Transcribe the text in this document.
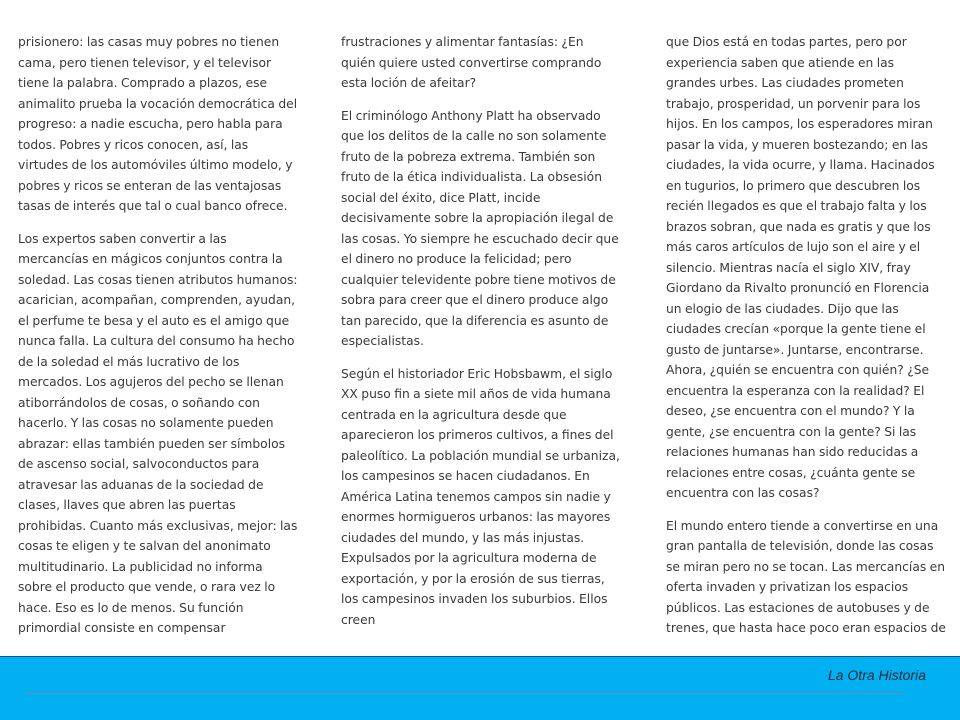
prisionero: las casas muy pobres no tienen cama, pero tienen televisor, y el televisor tiene la palabra. Comprado a plazos, ese animalito prueba la vocación democrática del progreso: a nadie escucha, pero habla para todos. Pobres y ricos conocen, así, las virtudes de los automóviles último modelo, y pobres y ricos se enteran de las ventajosas tasas de interés que tal o cual banco ofrece.

Los expertos saben convertir a las mercancías en mágicos conjuntos contra la soledad. Las cosas tienen atributos humanos: acarician, acompañan, comprenden, ayudan, el perfume te besa y el auto es el amigo que nunca falla. La cultura del consumo ha hecho de la soledad el más lucrativo de los mercados. Los agujeros del pecho se llenan atiborrándolos de cosas, o soñando con hacerlo. Y las cosas no solamente pueden abrazar: ellas también pueden ser símbolos de ascenso social, salvoconductos para atravesar las aduanas de la sociedad de clases, llaves que abren las puertas prohibidas. Cuanto más exclusivas, mejor: las cosas te eligen y te salvan del anonimato multitudinario. La publicidad no informa sobre el producto que vende, o rara vez lo hace. Eso es lo de menos. Su función primordial consiste en compensar

frustraciones y alimentar fantasías: ¿En quién quiere usted convertirse comprando esta loción de afeitar?

El criminólogo Anthony Platt ha observado que los delitos de la calle no son solamente fruto de la pobreza extrema. También son fruto de la ética individualista. La obsesión social del éxito, dice Platt, incide decisivamente sobre la apropiación ilegal de las cosas. Yo siempre he escuchado decir que el dinero no produce la felicidad; pero cualquier televidente pobre tiene motivos de sobra para creer que el dinero produce algo tan parecido, que la diferencia es asunto de especialistas.

Según el historiador Eric Hobsbawm, el siglo XX puso fin a siete mil años de vida humana centrada en la agricultura desde que aparecieron los primeros cultivos, a fines del paleolítico. La población mundial se urbaniza, los campesinos se hacen ciudadanos. En América Latina tenemos campos sin nadie y enormes hormigueros urbanos: las mayores ciudades del mundo, y las más injustas. Expulsados por la agricultura moderna de exportación, y por la erosión de sus tierras, los campesinos invaden los suburbios. Ellos creen

que Dios está en todas partes, pero por experiencia saben que atiende en las grandes urbes. Las ciudades prometen trabajo, prosperidad, un porvenir para los hijos. En los campos, los esperadores miran pasar la vida, y mueren bostezando; en las ciudades, la vida ocurre, y llama. Hacinados en tugurios, lo primero que descubren los recién llegados es que el trabajo falta y los brazos sobran, que nada es gratis y que los más caros artículos de lujo son el aire y el silencio. Mientras nacía el siglo XIV, fray Giordano da Rivalto pronunció en Florencia un elogio de las ciudades. Dijo que las ciudades crecían «porque la gente tiene el gusto de juntarse». Juntarse, encontrarse. Ahora, ¿quién se encuentra con quién? ¿Se encuentra la esperanza con la realidad? El deseo, ¿se encuentra con el mundo? Y la gente, ¿se encuentra con la gente? Si las relaciones humanas han sido reducidas a relaciones entre cosas, ¿cuánta gente se encuentra con las cosas?

El mundo entero tiende a convertirse en una gran pantalla de televisión, donde las cosas se miran pero no se tocan. Las mercancías en oferta invaden y privatizan los espacios públicos. Las estaciones de autobuses y de trenes, que hasta hace poco eran espacios de

La Otra Historia
